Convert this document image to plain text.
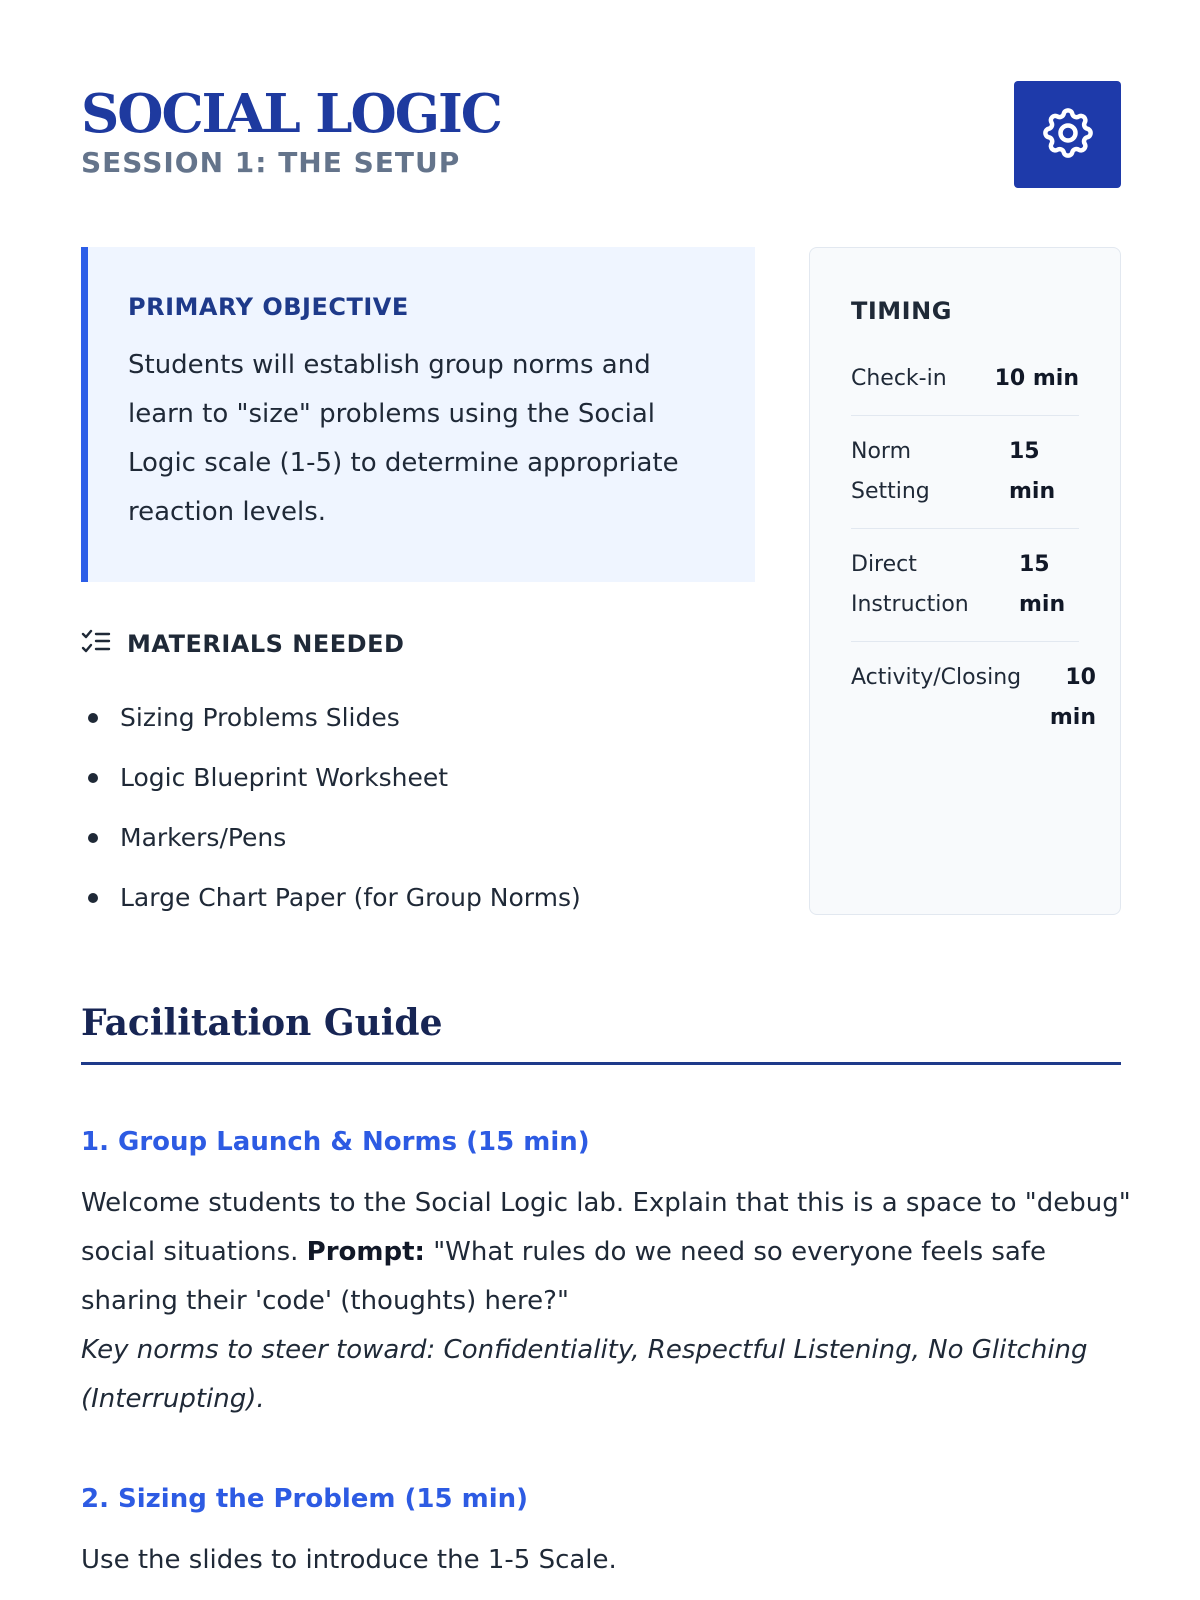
SOCIAL LOGIC
SESSION 1: THE SETUP
PRIMARY OBJECTIVE
Students will establish group norms and learn to "size" problems using the Social Logic scale (1-5) to determine appropriate reaction levels.
MATERIALS NEEDED
Sizing Problems Slides
Logic Blueprint Worksheet
Markers/Pens
Large Chart Paper (for Group Norms)
TIMING
Check-in 10 min
Norm Setting
15 min
Direct Instruction
15 min
Activity/Closing	10 min
Facilitation Guide
1. Group Launch & Norms (15 min)
Welcome students to the Social Logic lab. Explain that this is a space to "debug" social situations. Prompt: "What rules do we need so everyone feels safe sharing their 'code' (thoughts) here?"
Key norms to steer toward: Confidentiality, Respectful Listening, No Glitching (Interrupting).
2. Sizing the Problem (15 min)
Use the slides to introduce the 1-5 Scale.
